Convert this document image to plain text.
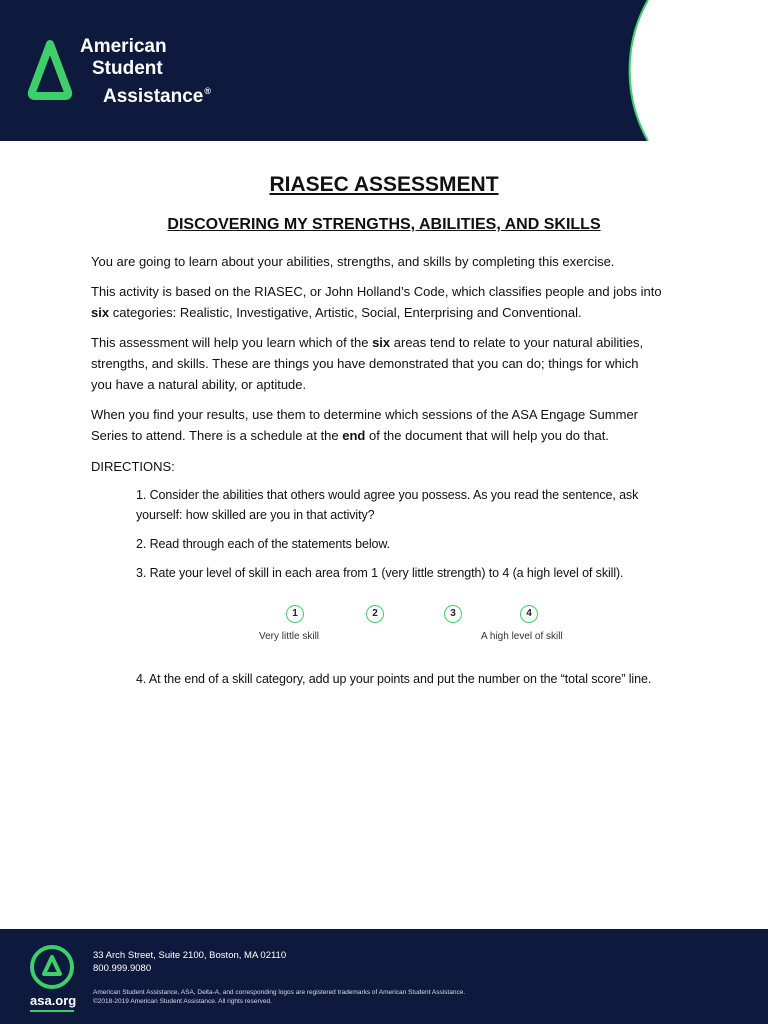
American
Student
Assistance®
RIASEC ASSESSMENT
DISCOVERING MY STRENGTHS, ABILITIES, AND SKILLS

You are going to learn about your abilities, strengths, and skills by completing this exercise.

This activity is based on the RIASEC, or John Holland’s Code, which classifies people and jobs into
six categories: Realistic, Investigative, Artistic, Social, Enterprising and Conventional.

This assessment will help you learn which of the six areas tend to relate to your natural abilities,
strengths, and skills. These are things you have demonstrated that you can do; things for which
you have a natural ability, or aptitude.

When you find your results, use them to determine which sessions of the ASA Engage Summer
Series to attend. There is a schedule at the end of the document that will help you do that.

DIRECTIONS:

1. Consider the abilities that others would agree you possess. As you read the sentence, ask
yourself: how skilled are you in that activity?

2. Read through each of the statements below.

3. Rate your level of skill in each area from 1 (very little strength) to 4 (a high level of skill).

1	2	3	4
Very little skill	A high level of skill

4. At the end of a skill category, add up your points and put the number on the “total score” line.

asa.org
33 Arch Street, Suite 2100, Boston, MA 02110
800.999.9080
American Student Assistance, ASA, Delta-A, and corresponding logos are registered trademarks of American Student Assistance.
©2018-2019 American Student Assistance. All rights reserved.
